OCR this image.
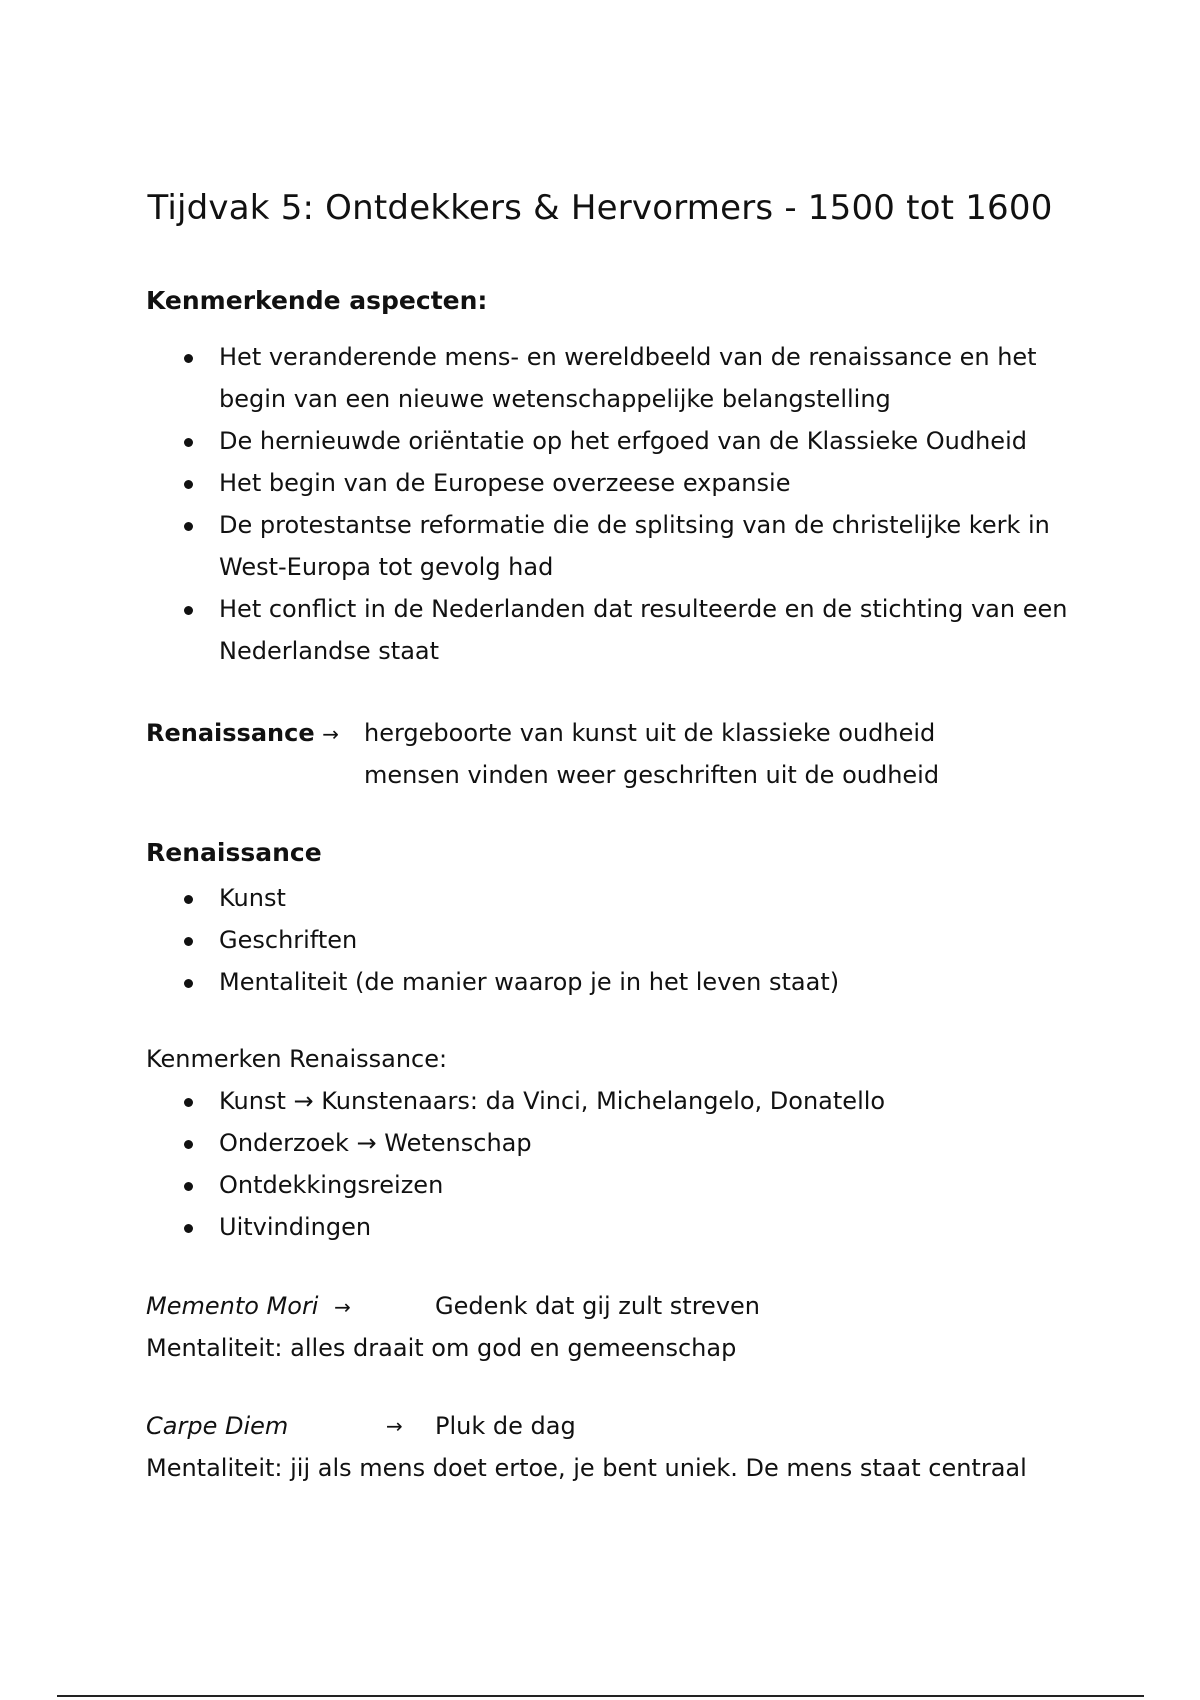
Tijdvak 5: Ontdekkers & Hervormers - 1500 tot 1600
Kenmerkende aspecten:
Het veranderende mens- en wereldbeeld van de renaissance en het begin van een nieuwe wetenschappelijke belangstelling
De hernieuwde oriëntatie op het erfgoed van de Klassieke Oudheid
Het begin van de Europese overzeese expansie
De protestantse reformatie die de splitsing van de christelijke kerk in West-Europa tot gevolg had
Het conflict in de Nederlanden dat resulteerde en de stichting van een Nederlandse staat
Renaissance → hergeboorte van kunst uit de klassieke oudheid
mensen vinden weer geschriften uit de oudheid
Renaissance
Kunst
Geschriften
Mentaliteit (de manier waarop je in het leven staat)
Kenmerken Renaissance:
Kunst → Kunstenaars: da Vinci, Michelangelo, Donatello
Onderzoek → Wetenschap
Ontdekkingsreizen
Uitvindingen
Memento Mori →	Gedenk dat gij zult streven
Mentaliteit: alles draait om god en gemeenschap
Carpe Diem	→ Pluk de dag
Mentaliteit: jij als mens doet ertoe, je bent uniek. De mens staat centraal
